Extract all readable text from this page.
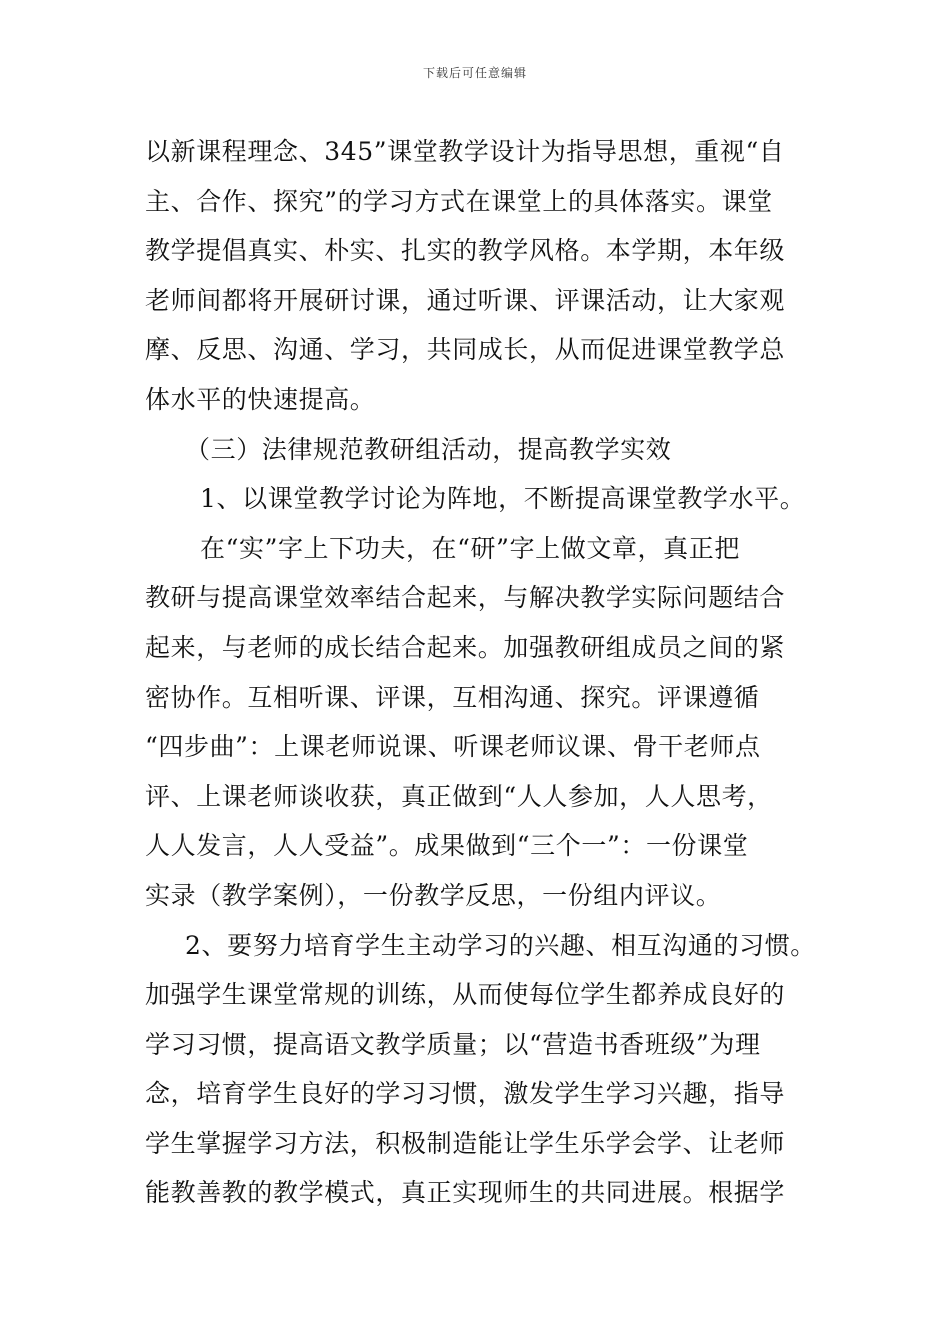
下载后可任意编辑
以新课程理念、345”课堂教学设计为指导思想，重视“自
主、合作、探究”的学习方式在课堂上的具体落实。课堂
教学提倡真实、朴实、扎实的教学风格。本学期，本年级
老师间都将开展研讨课，通过听课、评课活动，让大家观
摩、反思、沟通、学习，共同成长，从而促进课堂教学总
体水平的快速提高。
（三）法律规范教研组活动，提高教学实效
1、以课堂教学讨论为阵地，不断提高课堂教学水平。
在“实”字上下功夫，在“研”字上做文章，真正把
教研与提高课堂效率结合起来，与解决教学实际问题结合
起来，与老师的成长结合起来。加强教研组成员之间的紧
密协作。互相听课、评课，互相沟通、探究。评课遵循
“四步曲”：上课老师说课、听课老师议课、骨干老师点
评、上课老师谈收获，真正做到“人人参加，人人思考，
人人发言，人人受益”。成果做到“三个一”：一份课堂
实录（教学案例），一份教学反思，一份组内评议。
2、要努力培育学生主动学习的兴趣、相互沟通的习惯。
加强学生课堂常规的训练，从而使每位学生都养成良好的
学习习惯，提高语文教学质量；以“营造书香班级”为理
念，培育学生良好的学习习惯，激发学生学习兴趣，指导
学生掌握学习方法，积极制造能让学生乐学会学、让老师
能教善教的教学模式，真正实现师生的共同进展。根据学
